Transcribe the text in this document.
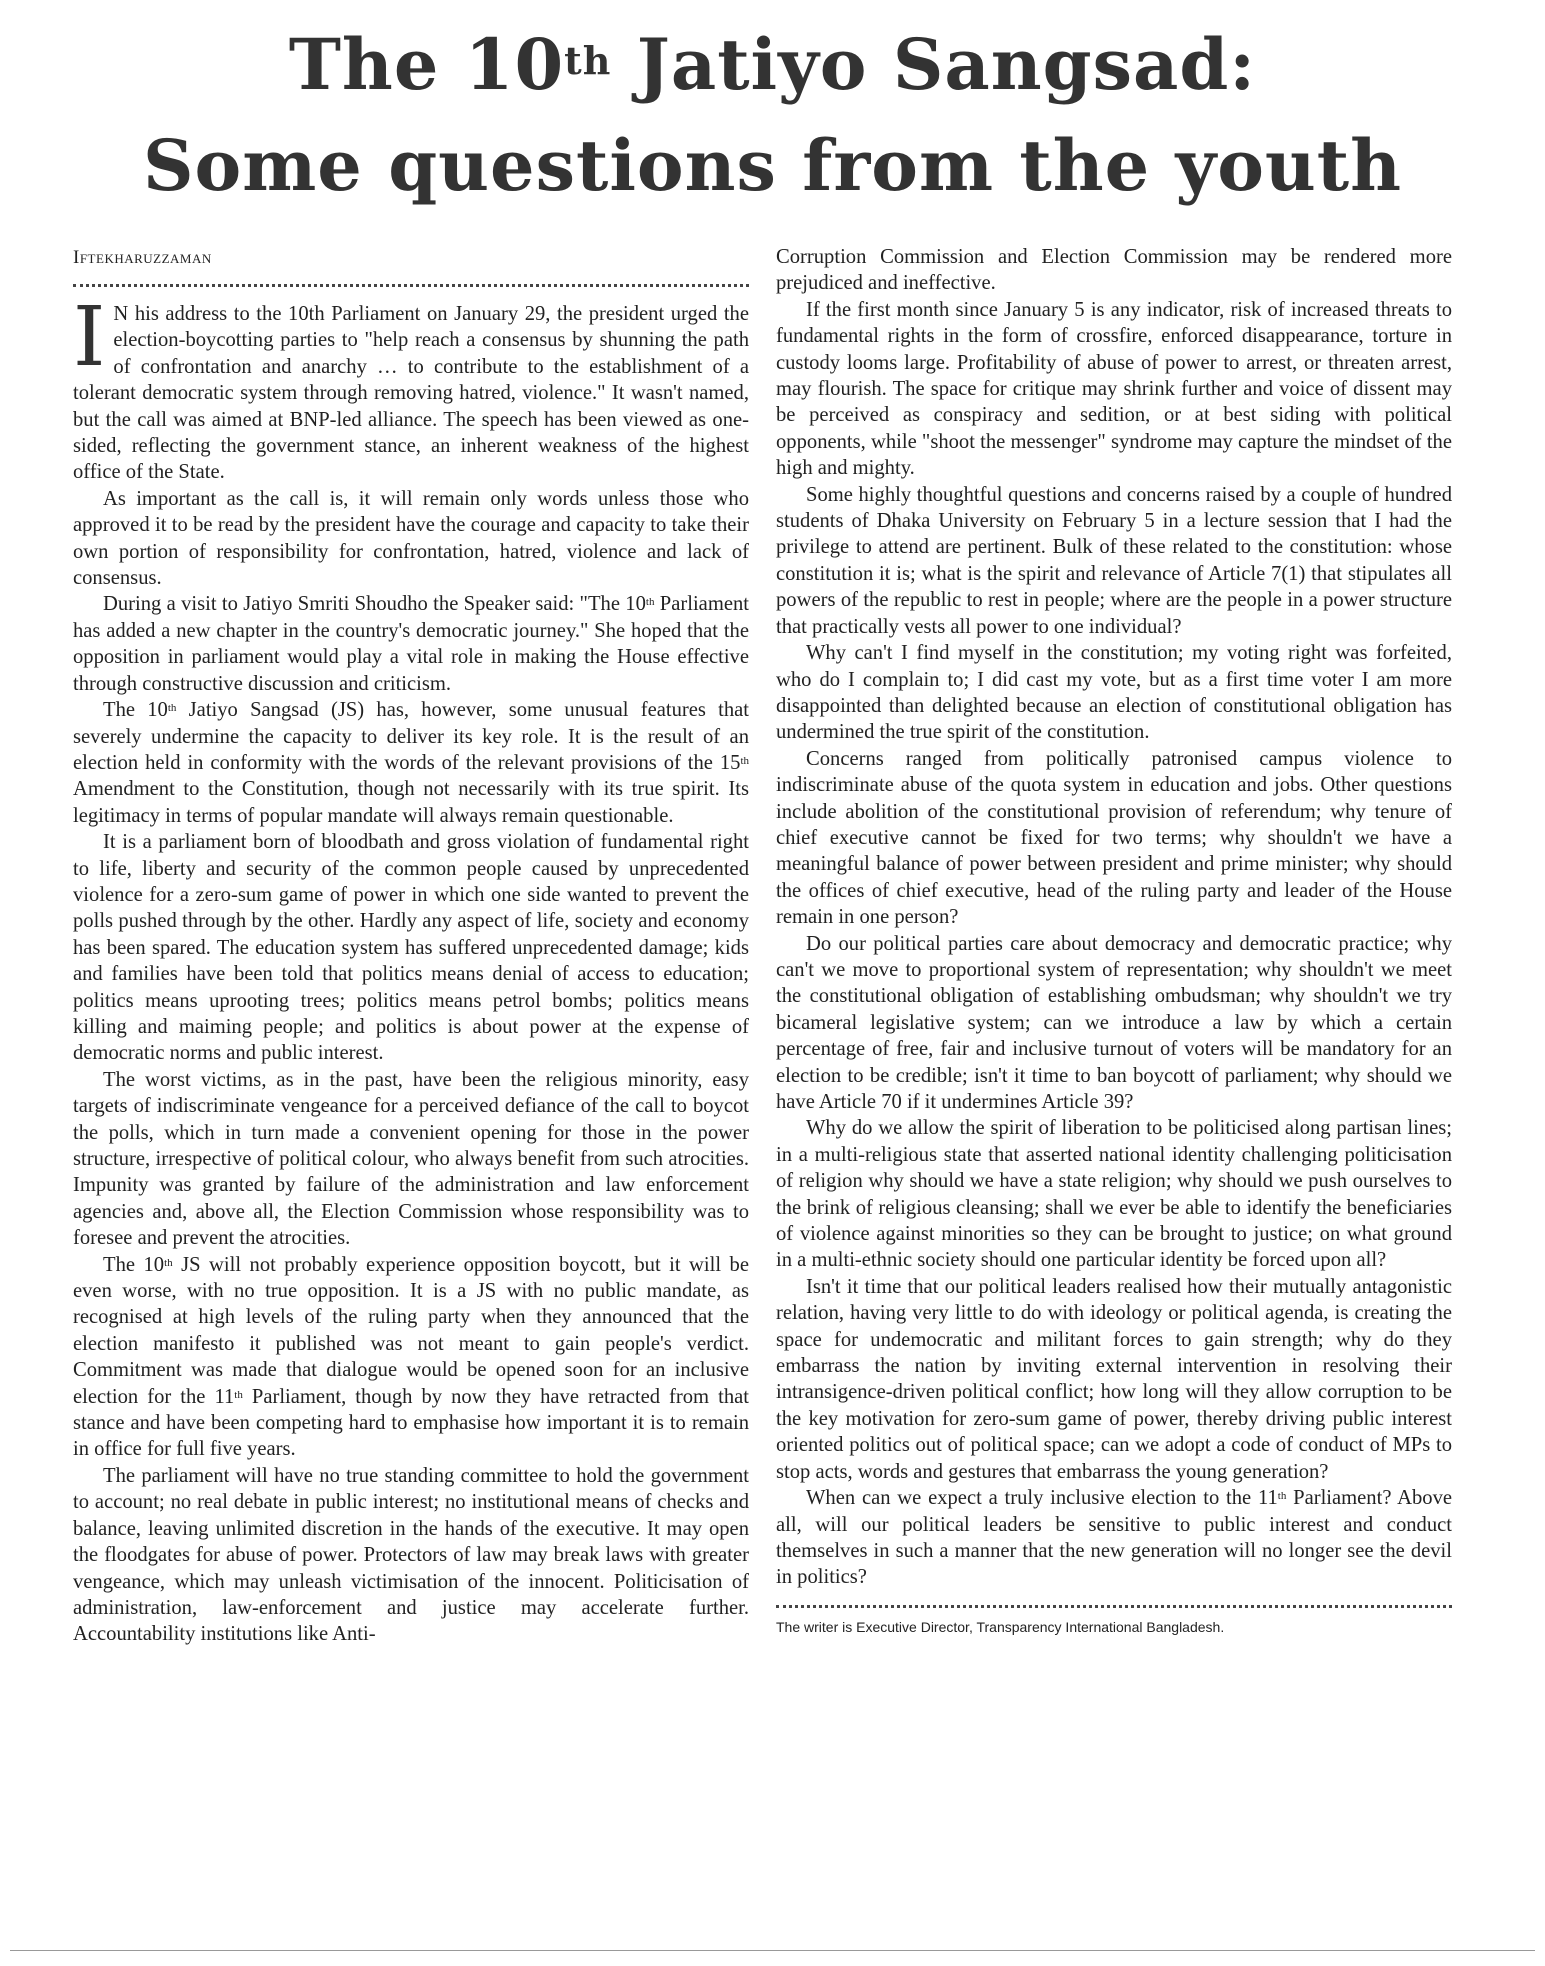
The 10th Jatiyo Sangsad:
Some questions from the youth
Iftekharuzzaman

I N his address to the 10th Parliament on January 29, the president urged the election-boycotting parties to "help reach a consensus by shunning the path of confrontation and anarchy … to contribute to the establishment of a tolerant democratic system through removing hatred, violence." It wasn't named, but the call was aimed at BNP-led alliance. The speech has been viewed as one-sided, reflecting the government stance, an inherent weakness of the highest office of the State.

As important as the call is, it will remain only words unless those who approved it to be read by the president have the courage and capacity to take their own portion of responsibility for confrontation, hatred, violence and lack of consensus.

During a visit to Jatiyo Smriti Shoudho the Speaker said: "The 10th Parliament has added a new chapter in the country's democratic journey." She hoped that the opposition in parliament would play a vital role in making the House effective through constructive discussion and criticism.

The 10th Jatiyo Sangsad (JS) has, however, some unusual features that severely undermine the capacity to deliver its key role. It is the result of an election held in conformity with the words of the relevant provisions of the 15th Amendment to the Constitution, though not necessarily with its true spirit. Its legitimacy in terms of popular mandate will always remain questionable.

It is a parliament born of bloodbath and gross violation of fundamental right to life, liberty and security of the common people caused by unprecedented violence for a zero-sum game of power in which one side wanted to prevent the polls pushed through by the other. Hardly any aspect of life, society and economy has been spared. The education system has suffered unprecedented damage; kids and families have been told that politics means denial of access to education; politics means uprooting trees; politics means petrol bombs; politics means killing and maiming people; and politics is about power at the expense of democratic norms and public interest.

The worst victims, as in the past, have been the religious minority, easy targets of indiscriminate vengeance for a perceived defiance of the call to boycot the polls, which in turn made a convenient opening for those in the power structure, irrespective of political colour, who always benefit from such atrocities. Impunity was granted by failure of the administration and law enforcement agencies and, above all, the Election Commission whose responsibility was to foresee and prevent the atrocities.

The 10th JS will not probably experience opposition boycott, but it will be even worse, with no true opposition. It is a JS with no public mandate, as recognised at high levels of the ruling party when they announced that the election manifesto it published was not meant to gain people's verdict. Commitment was made that dialogue would be opened soon for an inclusive election for the 11th Parliament, though by now they have retracted from that stance and have been competing hard to emphasise how important it is to remain in office for full five years.

The parliament will have no true standing committee to hold the government to account; no real debate in public interest; no institutional means of checks and balance, leaving unlimited discretion in the hands of the executive. It may open the floodgates for abuse of power. Protectors of law may break laws with greater vengeance, which may unleash victimisation of the innocent. Politicisation of administration, law-enforcement and justice may accelerate further. Accountability institutions like Anti-

Corruption Commission and Election Commission may be rendered more prejudiced and ineffective.

If the first month since January 5 is any indicator, risk of increased threats to fundamental rights in the form of crossfire, enforced disappearance, torture in custody looms large. Profitability of abuse of power to arrest, or threaten arrest, may flourish. The space for critique may shrink further and voice of dissent may be perceived as conspiracy and sedition, or at best siding with political opponents, while "shoot the messenger" syndrome may capture the mindset of the high and mighty.

Some highly thoughtful questions and concerns raised by a couple of hundred students of Dhaka University on February 5 in a lecture session that I had the privilege to attend are pertinent. Bulk of these related to the constitution: whose constitution it is; what is the spirit and relevance of Article 7(1) that stipulates all powers of the republic to rest in people; where are the people in a power structure that practically vests all power to one individual?

Why can't I find myself in the constitution; my voting right was forfeited, who do I complain to; I did cast my vote, but as a first time voter I am more disappointed than delighted because an election of constitutional obligation has undermined the true spirit of the constitution.

Concerns ranged from politically patronised campus violence to indiscriminate abuse of the quota system in education and jobs. Other questions include abolition of the constitutional provision of referendum; why tenure of chief executive cannot be fixed for two terms; why shouldn't we have a meaningful balance of power between president and prime minister; why should the offices of chief executive, head of the ruling party and leader of the House remain in one person?

Do our political parties care about democracy and democratic practice; why can't we move to proportional system of representation; why shouldn't we meet the constitutional obligation of establishing ombudsman; why shouldn't we try bicameral legislative system; can we introduce a law by which a certain percentage of free, fair and inclusive turnout of voters will be mandatory for an election to be credible; isn't it time to ban boycott of parliament; why should we have Article 70 if it undermines Article 39?

Why do we allow the spirit of liberation to be politicised along partisan lines; in a multi-religious state that asserted national identity challenging politicisation of religion why should we have a state religion; why should we push ourselves to the brink of religious cleansing; shall we ever be able to identify the beneficiaries of violence against minorities so they can be brought to justice; on what ground in a multi-ethnic society should one particular identity be forced upon all?

Isn't it time that our political leaders realised how their mutually antagonistic relation, having very little to do with ideology or political agenda, is creating the space for undemocratic and militant forces to gain strength; why do they embarrass the nation by inviting external intervention in resolving their intransigence-driven political conflict; how long will they allow corruption to be the key motivation for zero-sum game of power, thereby driving public interest oriented politics out of political space; can we adopt a code of conduct of MPs to stop acts, words and gestures that embarrass the young generation?

When can we expect a truly inclusive election to the 11th Parliament? Above all, will our political leaders be sensitive to public interest and conduct themselves in such a manner that the new generation will no longer see the devil in politics?

The writer is Executive Director, Transparency International Bangladesh.
